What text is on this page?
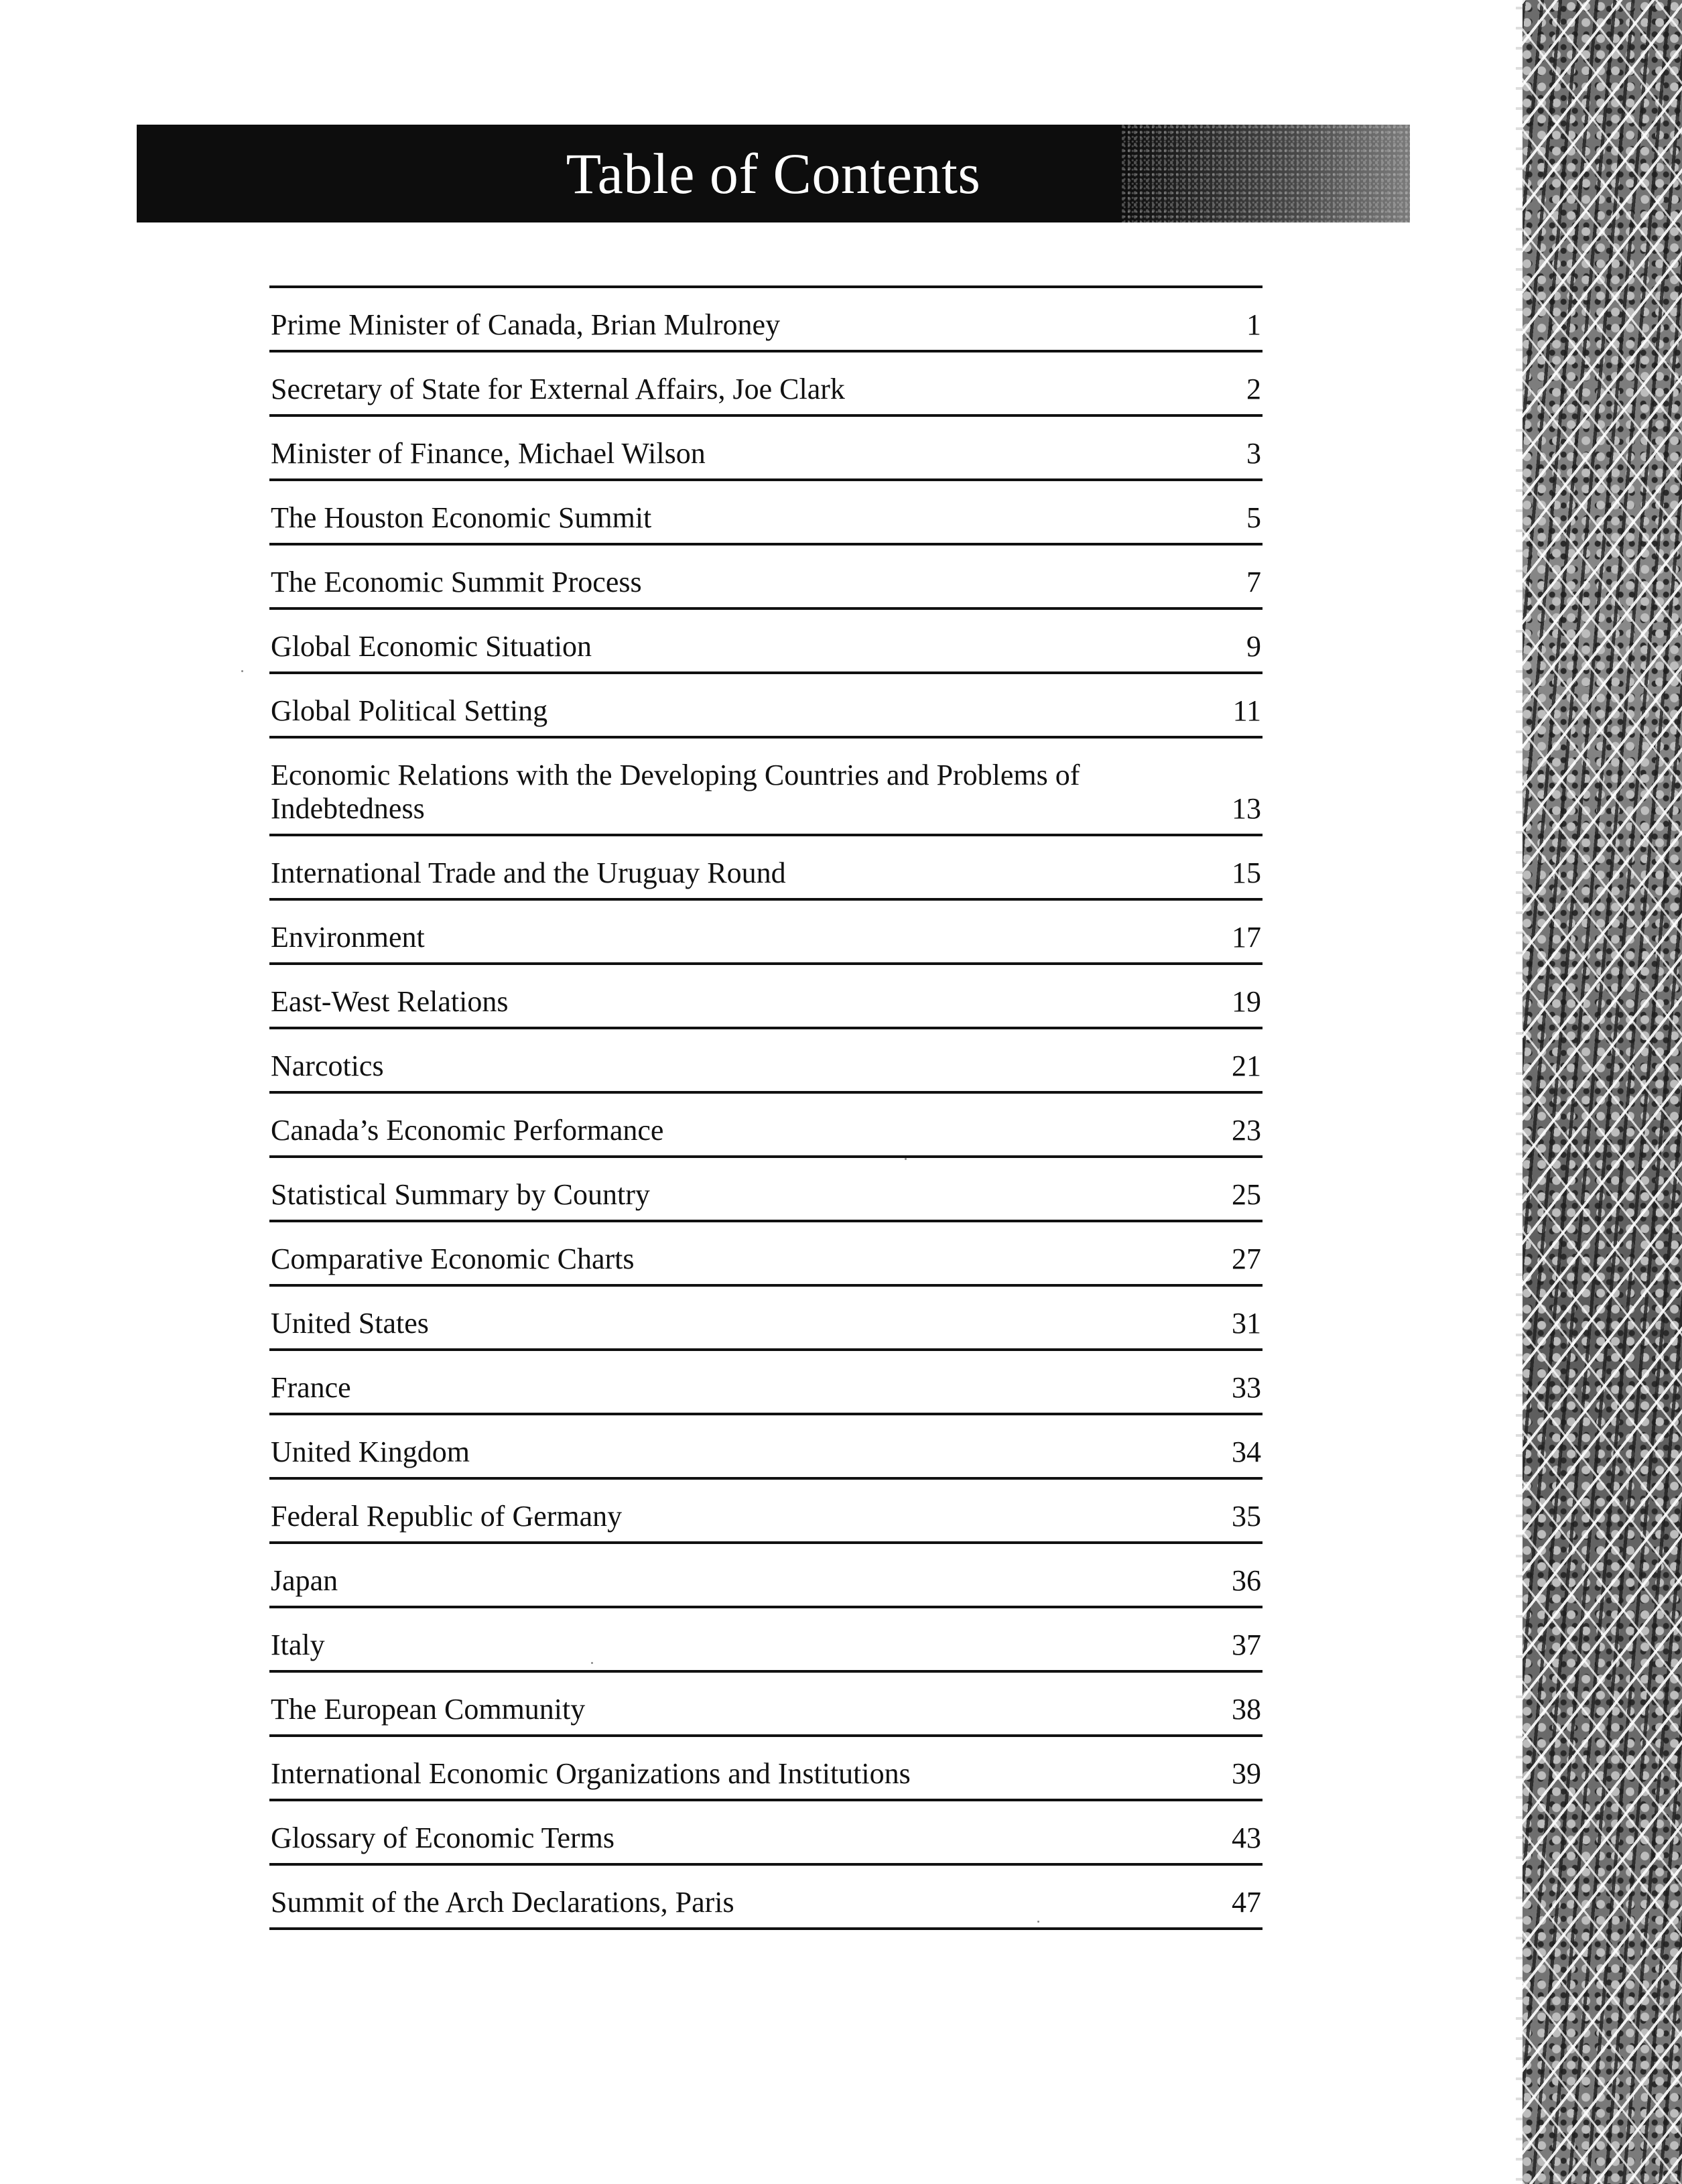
Table of Contents
Prime Minister of Canada, Brian Mulroney	1
Secretary of State for External Affairs, Joe Clark	2
Minister of Finance, Michael Wilson	3
The Houston Economic Summit	5
The Economic Summit Process	7
Global Economic Situation	9
Global Political Setting	11
Economic Relations with the Developing Countries and Problems of Indebtedness	13
International Trade and the Uruguay Round	15
Environment	17
East-West Relations	19
Narcotics	21
Canada’s Economic Performance	23
Statistical Summary by Country	25
Comparative Economic Charts	27
United States	31
France	33
United Kingdom	34
Federal Republic of Germany	35
Japan	36
Italy	37
The European Community	38
International Economic Organizations and Institutions	39
Glossary of Economic Terms	43
Summit of the Arch Declarations, Paris	47
